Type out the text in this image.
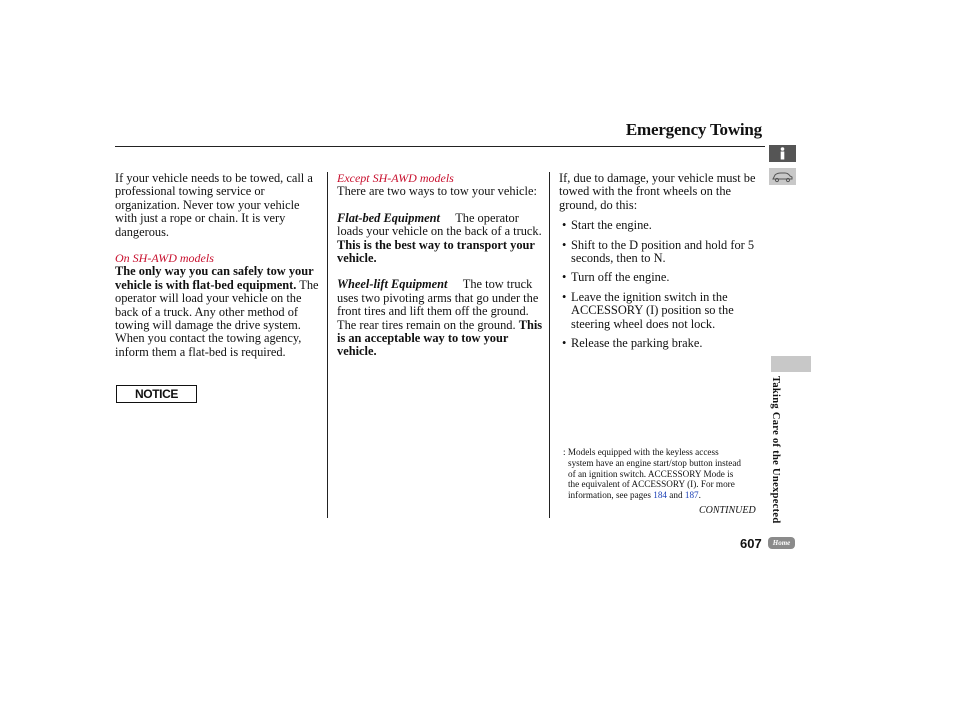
Emergency Towing

If your vehicle needs to be towed, call a professional towing service or organization. Never tow your vehicle with just a rope or chain. It is very dangerous.

On SH-AWD models

The only way you can safely tow your vehicle is with flat-bed equipment. The operator will load your vehicle on the back of a truck. Any other method of towing will damage the drive system. When you contact the towing agency, inform them a flat-bed is required.

NOTICE

Except SH-AWD models

There are two ways to tow your vehicle:

Flat-bed Equipment The operator loads your vehicle on the back of a truck. This is the best way to transport your vehicle.

Wheel-lift Equipment The tow truck uses two pivoting arms that go under the front tires and lift them off the ground. The rear tires remain on the ground. This is an acceptable way to tow your vehicle.

If, due to damage, your vehicle must be towed with the front wheels on the ground, do this:

• Start the engine.
• Shift to the D position and hold for 5 seconds, then to N.
• Turn off the engine.
• Leave the ignition switch in the ACCESSORY (I) position so the steering wheel does not lock.
• Release the parking brake.
: Models equipped with the keyless access
system have an engine start/stop button instead
of an ignition switch. ACCESSORY Mode is
the equivalent of ACCESSORY (I). For more
information, see pages 184 and 187.
CONTINUED
607	Home
Taking Care of the Unexpected
